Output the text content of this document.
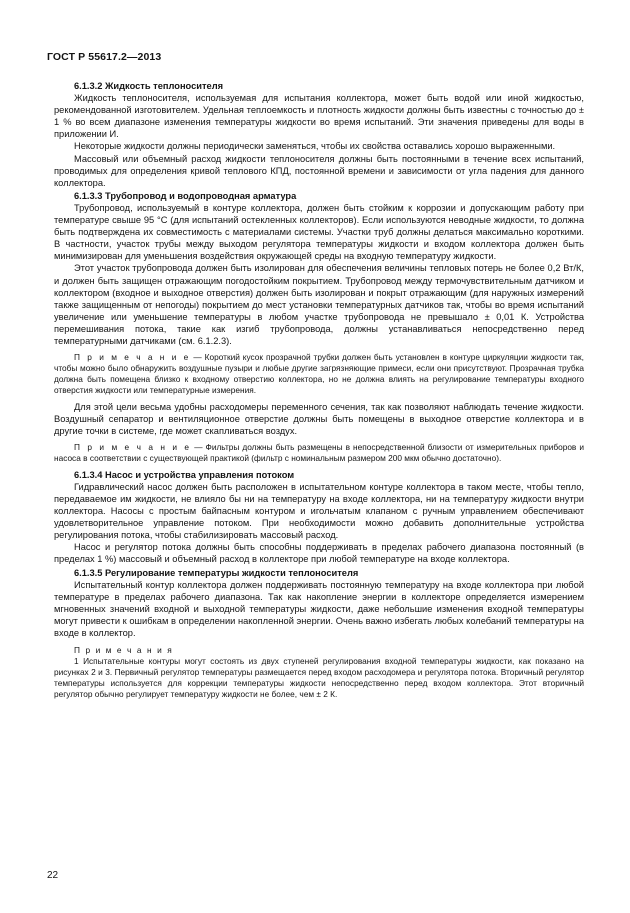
ГОСТ Р 55617.2—2013
6.1.3.2 Жидкость теплоносителя

Жидкость теплоносителя, используемая для испытания коллектора, может быть водой или иной жидкостью, рекомендованной изготовителем. Удельная теплоемкость и плотность жидкости должны быть известны с точностью до ± 1 % во всем диапазоне изменения температуры жидкости во время испытаний. Эти значения приведены для воды в приложении И.

Некоторые жидкости должны периодически заменяться, чтобы их свойства оставались хорошо выраженными.

Массовый или объемный расход жидкости теплоносителя должны быть постоянными в течение всех испытаний, проводимых для определения кривой теплового КПД, постоянной времени и зависимости от угла падения для данного коллектора.

6.1.3.3 Трубопровод и водопроводная арматура

Трубопровод, используемый в контуре коллектора, должен быть стойким к коррозии и допускающим работу при температуре свыше 95 °С (для испытаний остекленных коллекторов). Если используются неводные жидкости, то должна быть подтверждена их совместимость с материалами системы. Участки труб должны делаться максимально короткими. В частности, участок трубы между выходом регулятора температуры жидкости и входом коллектора должен быть минимизирован для уменьшения воздействия окружающей среды на входную температуру жидкости.

Этот участок трубопровода должен быть изолирован для обеспечения величины тепловых потерь не более 0,2 Вт/К, и должен быть защищен отражающим погодостойким покрытием. Трубопровод между термочувствительным датчиком и коллектором (входное и выходное отверстия) должен быть изолирован и покрыт отражающим (для наружных измерений также защищенным от непогоды) покрытием до мест установки температурных датчиков так, чтобы во время испытаний увеличение или уменьшение температуры в любом участке трубопровода не превышало ± 0,01 К. Устройства перемешивания потока, такие как изгиб трубопровода, должны устанавливаться непосредственно перед температурными датчиками (см. 6.1.2.3).

П р и м е ч а н и е — Короткий кусок прозрачной трубки должен быть установлен в контуре циркуляции жидкости так, чтобы можно было обнаружить воздушные пузыри и любые другие загрязняющие примеси, если они присутствуют. Прозрачная трубка должна быть помещена близко к входному отверстию коллектора, но не должна влиять на регулирование температуры входного отверстия жидкости или температурные измерения.

Для этой цели весьма удобны расходомеры переменного сечения, так как позволяют наблюдать течение жидкости. Воздушный сепаратор и вентиляционное отверстие должны быть помещены в выходное отверстие коллектора и в другие точки в системе, где может скапливаться воздух.

П р и м е ч а н и е — Фильтры должны быть размещены в непосредственной близости от измерительных приборов и насоса в соответствии с существующей практикой (фильтр с номинальным размером 200 мкм обычно достаточно).

6.1.3.4 Насос и устройства управления потоком

Гидравлический насос должен быть расположен в испытательном контуре коллектора в таком месте, чтобы тепло, передаваемое им жидкости, не влияло бы ни на температуру на входе коллектора, ни на температуру жидкости внутри коллектора. Насосы с простым байпасным контуром и игольчатым клапаном с ручным управлением обеспечивают удовлетворительное управление потоком. При необходимости можно добавить дополнительные устройства регулирования потока, чтобы стабилизировать массовый расход.

Насос и регулятор потока должны быть способны поддерживать в пределах рабочего диапазона постоянный (в пределах 1 %) массовый и объемный расход в коллекторе при любой температуре на входе коллектора.

6.1.3.5 Регулирование температуры жидкости теплоносителя

Испытательный контур коллектора должен поддерживать постоянную температуру на входе коллектора при любой температуре в пределах рабочего диапазона. Так как накопление энергии в коллекторе определяется измерением мгновенных значений входной и выходной температуры жидкости, даже небольшие изменения входной температуры могут привести к ошибкам в определении накопленной энергии. Очень важно избегать любых колебаний температуры на входе в коллектор.

П р и м е ч а н и я

1 Испытательные контуры могут состоять из двух ступеней регулирования входной температуры жидкости, как показано на рисунках 2 и 3. Первичный регулятор температуры размещается перед входом расходомера и регулятора потока. Вторичный регулятор температуры используется для коррекции температуры жидкости непосредственно перед входом коллектора. Этот вторичный регулятор обычно регулирует температуру жидкости не более, чем ± 2 К.

22
